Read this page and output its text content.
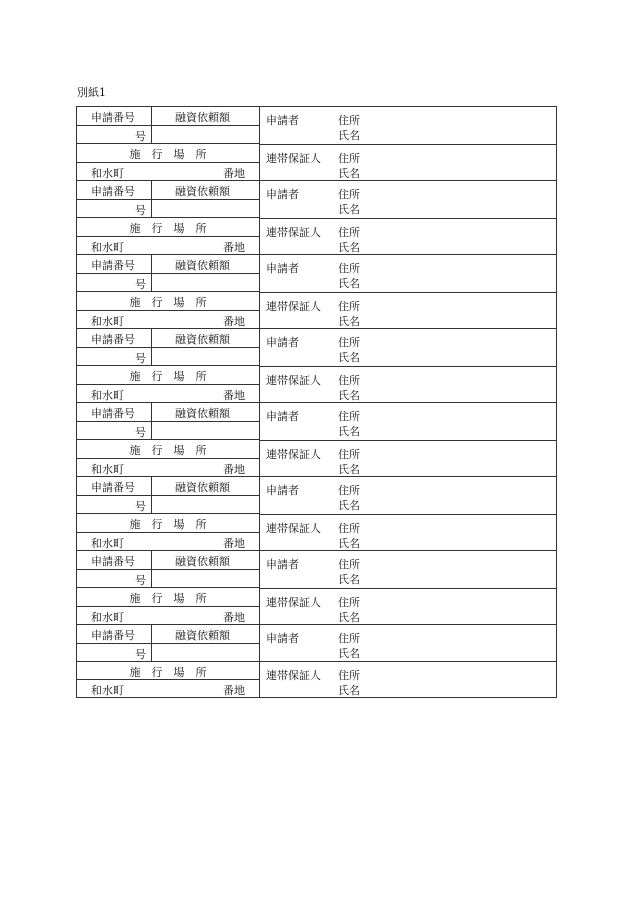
別紙1
申請番号	融資依頼額
号
施　行　場　所
和水町	番地
申請者	住所
氏名
連帯保証人 住所
氏名
申請番号	融資依頼額
号
施　行　場　所
和水町	番地
申請者	住所
氏名
連帯保証人 住所
氏名
申請番号	融資依頼額
号
施　行　場　所
和水町	番地
申請者	住所
氏名
連帯保証人 住所
氏名
申請番号	融資依頼額
号
施　行　場　所
和水町	番地
申請者	住所
氏名
連帯保証人 住所
氏名
申請番号	融資依頼額
号
施　行　場　所
和水町	番地
申請者	住所
氏名
連帯保証人 住所
氏名
申請番号	融資依頼額
号
施　行　場　所
和水町	番地
申請者	住所
氏名
連帯保証人 住所
氏名
申請番号	融資依頼額
号
施　行　場　所
和水町	番地
申請者	住所
氏名
連帯保証人 住所
氏名
申請番号	融資依頼額
号
施　行　場　所
和水町	番地
申請者	住所
氏名
連帯保証人 住所
氏名
